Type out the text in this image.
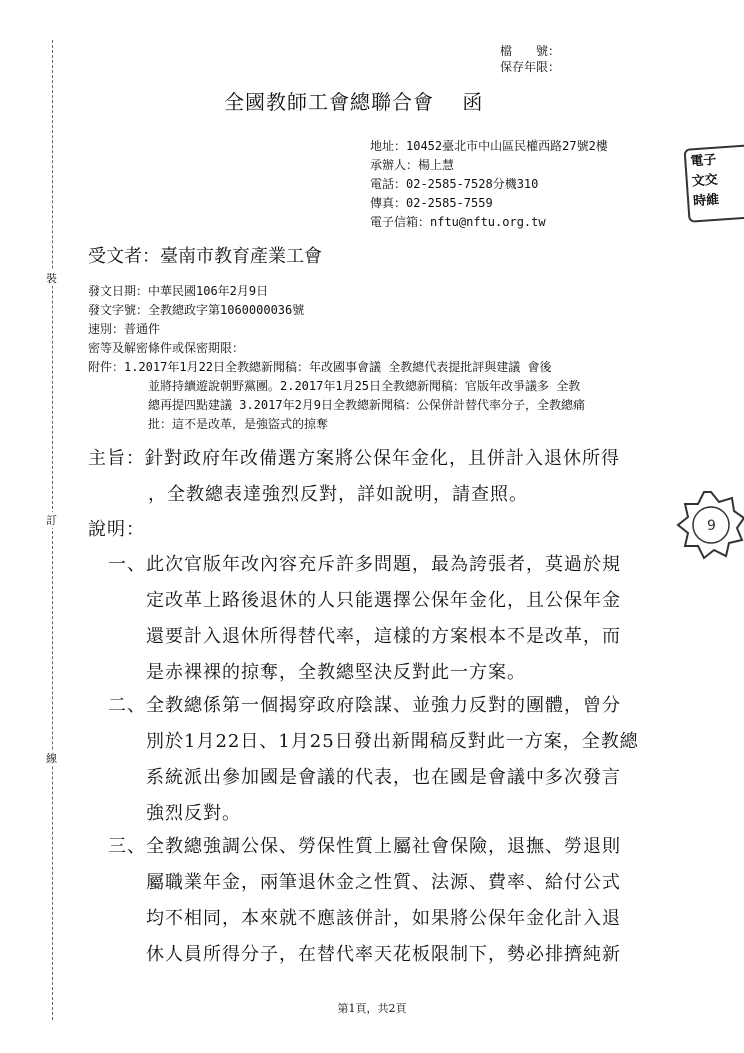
檔　　號：
保存年限：
裝
訂
線
全國教師工會總聯合會　 函
地址：10452臺北市中山區民權西路27號2樓
承辦人：楊上慧
電話：02-2585-7528分機310
傳真：02-2585-7559
電子信箱：nftu@nftu.org.tw
電子
文交
時維
受文者：臺南市教育產業工會
發文日期：中華民國106年2月9日
發文字號：全教總政字第1060000036號
速別：普通件
密等及解密條件或保密期限：
附件：1.2017年1月22日全教總新聞稿：年改國事會議 全教總代表提批評與建議 會後
並將持續遊說朝野黨團。2.2017年1月25日全教總新聞稿：官版年改爭議多 全教
總再提四點建議 3.2017年2月9日全教總新聞稿：公保併計替代率分子，全教總痛
批：這不是改革，是強盜式的掠奪
主旨：針對政府年改備選方案將公保年金化，且併計入退休所得
，全教總表達強烈反對，詳如說明，請查照。
9
說明：
一、 此次官版年改內容充斥許多問題，最為誇張者，莫過於規
定改革上路後退休的人只能選擇公保年金化，且公保年金
還要計入退休所得替代率，這樣的方案根本不是改革，而
是赤裸裸的掠奪，全教總堅決反對此一方案。
二、 全教總係第一個揭穿政府陰謀、並強力反對的團體，曾分
別於1月22日、1月25日發出新聞稿反對此一方案，全教總
系統派出參加國是會議的代表，也在國是會議中多次發言
強烈反對。
三、 全教總強調公保、勞保性質上屬社會保險，退撫、勞退則
屬職業年金，兩筆退休金之性質、法源、費率、給付公式
均不相同，本來就不應該併計，如果將公保年金化計入退
休人員所得分子，在替代率天花板限制下，勢必排擠純新
第1頁，共2頁
